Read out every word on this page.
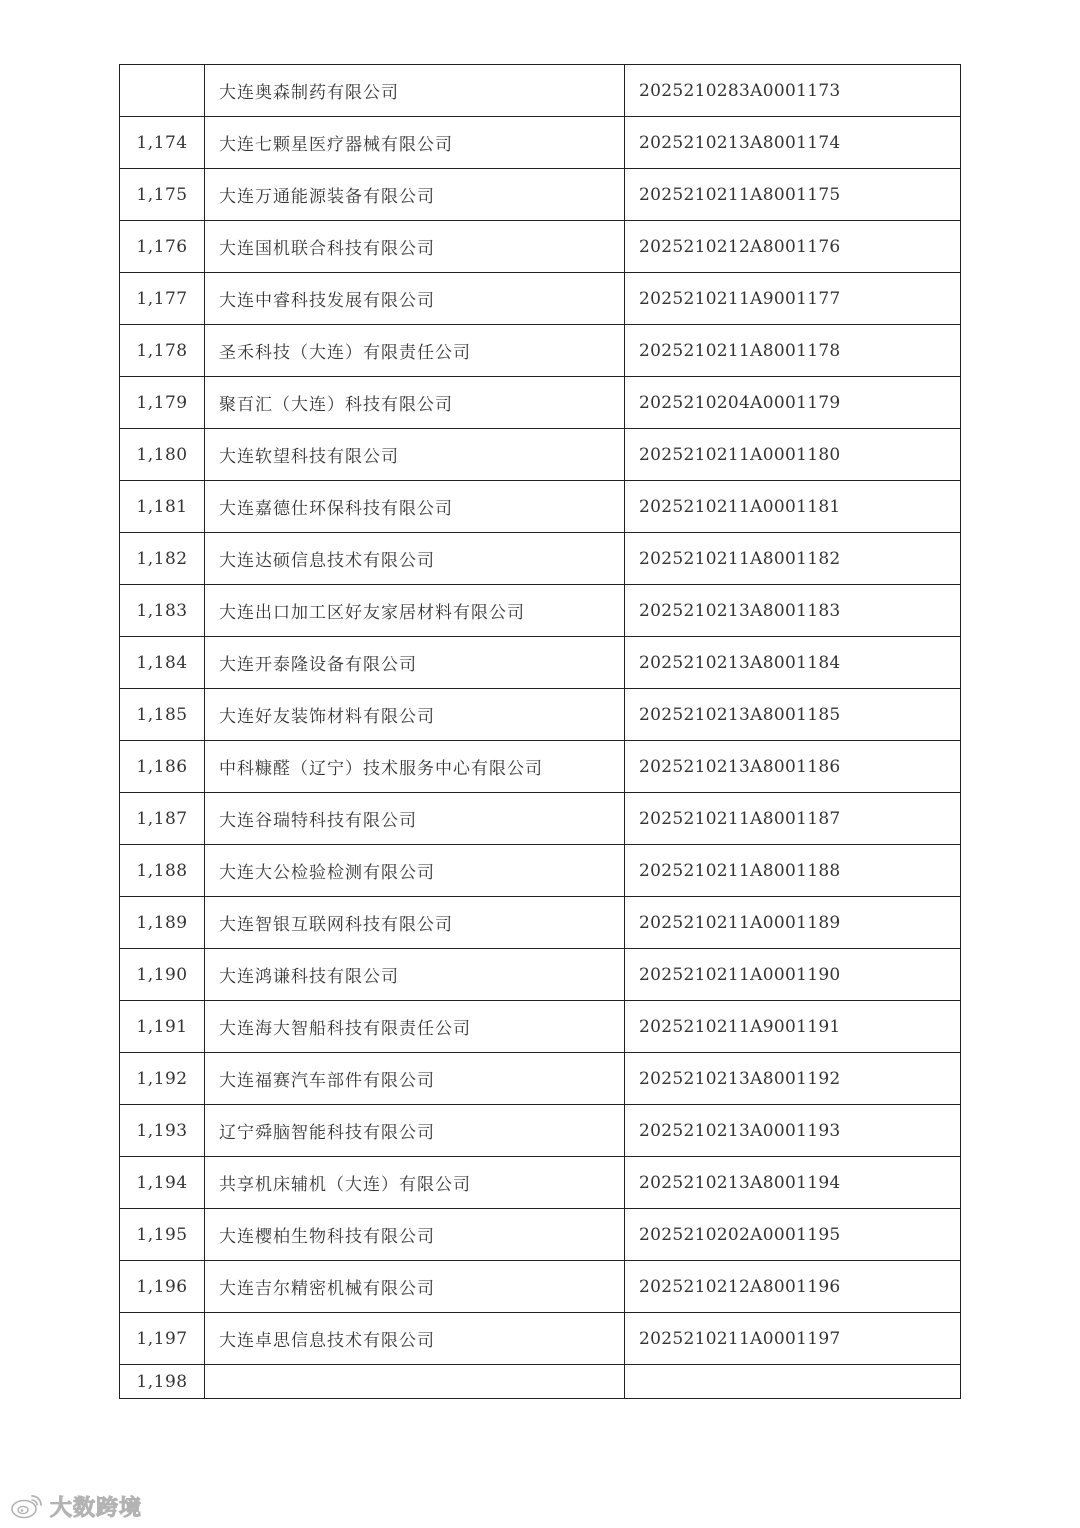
	大连奥森制药有限公司	2025210283A0001173
1,174	大连七颗星医疗器械有限公司	2025210213A8001174
1,175	大连万通能源装备有限公司	2025210211A8001175
1,176	大连国机联合科技有限公司	2025210212A8001176
1,177	大连中睿科技发展有限公司	2025210211A9001177
1,178	圣禾科技（大连）有限责任公司	2025210211A8001178
1,179	聚百汇（大连）科技有限公司	2025210204A0001179
1,180	大连软望科技有限公司	2025210211A0001180
1,181	大连嘉德仕环保科技有限公司	2025210211A0001181
1,182	大连达硕信息技术有限公司	2025210211A8001182
1,183	大连出口加工区好友家居材料有限公司	2025210213A8001183
1,184	大连开泰隆设备有限公司	2025210213A8001184
1,185	大连好友装饰材料有限公司	2025210213A8001185
1,186	中科糠醛（辽宁）技术服务中心有限公司	2025210213A8001186
1,187	大连谷瑞特科技有限公司	2025210211A8001187
1,188	大连大公检验检测有限公司	2025210211A8001188
1,189	大连智银互联网科技有限公司	2025210211A0001189
1,190	大连鸿谦科技有限公司	2025210211A0001190
1,191	大连海大智船科技有限责任公司	2025210211A9001191
1,192	大连福赛汽车部件有限公司	2025210213A8001192
1,193	辽宁舜脑智能科技有限公司	2025210213A0001193
1,194	共享机床辅机（大连）有限公司	2025210213A8001194
1,195	大连樱柏生物科技有限公司	2025210202A0001195
1,196	大连吉尔精密机械有限公司	2025210212A8001196
1,197	大连卓思信息技术有限公司	2025210211A0001197
1,198		
大数跨境
